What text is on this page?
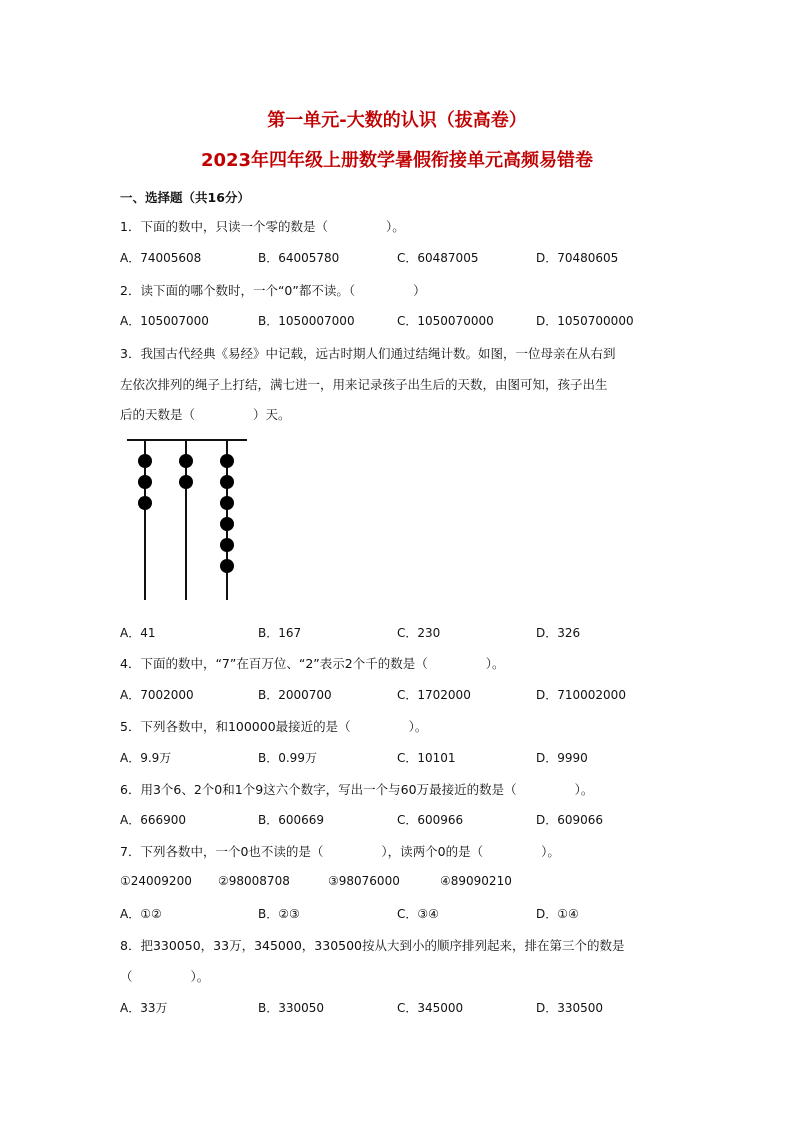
第一单元-大数的认识（拔高卷）
2023年四年级上册数学暑假衔接单元高频易错卷
一、选择题（共16分）
1．下面的数中，只读一个零的数是（	）。
A．74005608	B．64005780	C．60487005	D．70480605
2．读下面的哪个数时，一个“0”都不读。（	）
A．105007000	B．1050007000	C．1050070000	D．1050700000
3．我国古代经典《易经》中记载，远古时期人们通过结绳计数。如图，一位母亲在从右到
左依次排列的绳子上打结，满七进一，用来记录孩子出生后的天数，由图可知，孩子出生
后的天数是（	）天。
A．41	B．167	C．230	D．326
4．下面的数中，“7”在百万位、“2”表示2个千的数是（	）。
A．7002000	B．2000700	C．1702000	D．710002000
5．下列各数中，和100000最接近的是（	）。
A．9.9万	B．0.99万	C．10101	D．9990
6．用3个6、2个0和1个9这六个数字，写出一个与60万最接近的数是（	）。
A．666900	B．600669	C．600966	D．609066
7．下列各数中，一个0也不读的是（	），读两个0的是（	）。
①24009200 ②98008708	③98076000	④89090210
A．①②	B．②③	C．③④	D．①④
8．把330050，33万，345000，330500按从大到小的顺序排列起来，排在第三个的数是
（	）。
A．33万	B．330050	C．345000	D．330500
